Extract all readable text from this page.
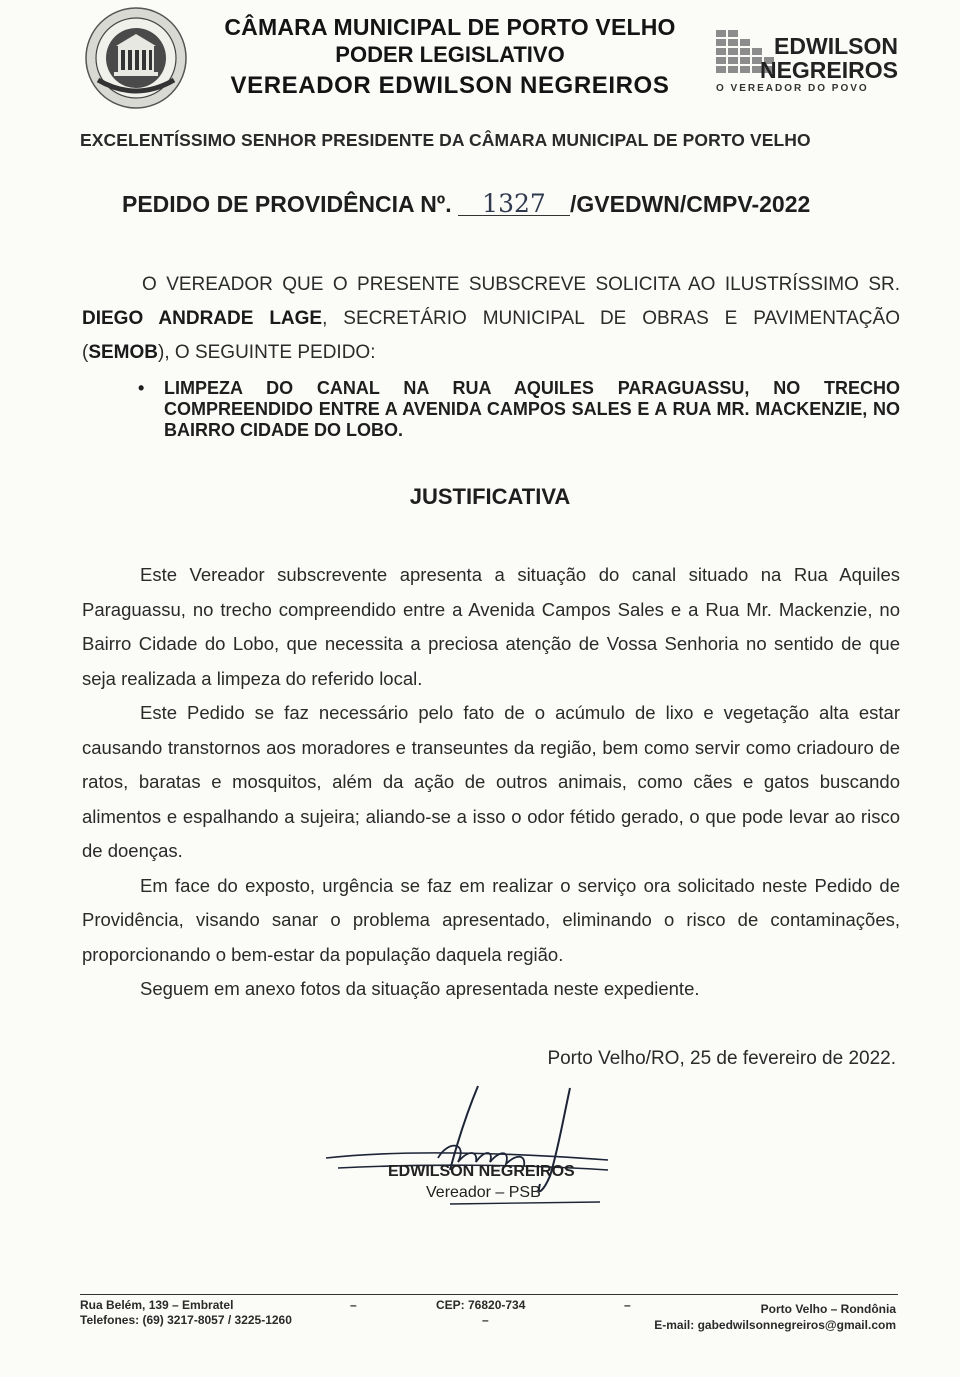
CÂMARA MUNICIPAL DE PORTO VELHO
PODER LEGISLATIVO
VEREADOR EDWILSON NEGREIROS
EDWILSON
NEGREIROS
O VEREADOR DO POVO
EXCELENTÍSSIMO SENHOR PRESIDENTE DA CÂMARA MUNICIPAL DE PORTO VELHO
PEDIDO DE PROVIDÊNCIA Nº. 1327 /GVEDWN/CMPV-2022

O VEREADOR QUE O PRESENTE SUBSCREVE SOLICITA AO ILUSTRÍSSIMO SR. DIEGO ANDRADE LAGE, SECRETÁRIO MUNICIPAL DE OBRAS E PAVIMENTAÇÃO (SEMOB), O SEGUINTE PEDIDO:

• LIMPEZA DO CANAL NA RUA AQUILES PARAGUASSU, NO TRECHO COMPREENDIDO ENTRE A AVENIDA CAMPOS SALES E A RUA MR. MACKENZIE, NO BAIRRO CIDADE DO LOBO.
JUSTIFICATIVA

Este Vereador subscrevente apresenta a situação do canal situado na Rua Aquiles Paraguassu, no trecho compreendido entre a Avenida Campos Sales e a Rua Mr. Mackenzie, no Bairro Cidade do Lobo, que necessita a preciosa atenção de Vossa Senhoria no sentido de que seja realizada a limpeza do referido local.

Este Pedido se faz necessário pelo fato de o acúmulo de lixo e vegetação alta estar causando transtornos aos moradores e transeuntes da região, bem como servir como criadouro de ratos, baratas e mosquitos, além da ação de outros animais, como cães e gatos buscando alimentos e espalhando a sujeira; aliando-se a isso o odor fétido gerado, o que pode levar ao risco de doenças.

Em face do exposto, urgência se faz em realizar o serviço ora solicitado neste Pedido de Providência, visando sanar o problema apresentado, eliminando o risco de contaminações, proporcionando o bem-estar da população daquela região.

Seguem em anexo fotos da situação apresentada neste expediente.

Porto Velho/RO, 25 de fevereiro de 2022.
EDWILSON NEGREIROS
Vereador – PSB
Rua Belém, 139 – Embratel
Telefones: (69) 3217-8057 / 3225-1260
–	CEP: 76820-734
–
–	Porto Velho – Rondônia
E-mail: gabedwilsonnegreiros@gmail.com
